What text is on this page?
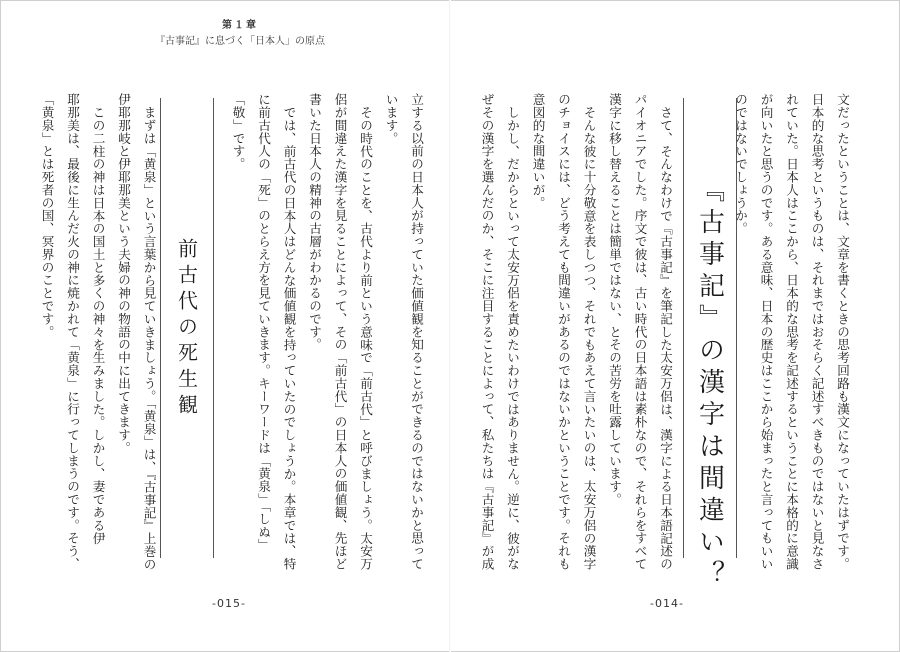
第１章
『古事記』に息づく「日本人」の原点

文だったということは、文章を書くときの思考回路も漢文になっていたはずです。

日本的な思考というものは、それまではおそらく記述すべきものではないと見なさ

れていた。日本人はここから、日本的な思考を記述するということに本格的に意識

が向いたと思うのです。ある意味、日本の歴史はここから始まったと言ってもいい

のではないでしょうか。

『古事記』の漢字は間違い？

さて、そんなわけで『古事記』を筆記した太安万侶は、漢字による日本語記述の

パイオニアでした。序文で彼は、古い時代の日本語は素朴なので、それらをすべて

漢字に移し替えることは簡単ではない、とその苦労を吐露しています。

そんな彼に十分敬意を表しつつ、それでもあえて言いたいのは、太安万侶の漢字

のチョイスには、どう考えても間違いがあるのではないかということです。それも

意図的な間違いが。

しかし、だからといって太安万侶を責めたいわけではありません。逆に、彼がな

ぜその漢字を選んだのか、そこに注目することによって、私たちは『古事記』が成

立する以前の日本人が持っていた価値観を知ることができるのではないかと思って

います。

その時代のことを、古代より前という意味で「前古代」と呼びましょう。太安万

侶が間違えた漢字を見ることによって、その「前古代」の日本人の価値観、先ほど

書いた日本人の精神の古層がわかるのです。

では、前古代の日本人はどんな価値観を持っていたのでしょうか。本章では、特

に前古代人の「死」のとらえ方を見ていきます。キーワードは「黄泉」「しぬ」

「敬」です。

前古代の死生観

まずは「黄泉」という言葉から見ていきましょう。「黄泉」は、『古事記』上巻の

伊耶那岐と伊耶那美という夫婦の神の物語の中に出てきます。

この二柱の神は日本の国土と多くの神々を生みました。しかし、妻である伊

耶那美は、最後に生んだ火の神に焼かれて「黄泉」に行ってしまうのです。そう、

「黄泉」とは死者の国、冥界のことです。

-015-	-014-
